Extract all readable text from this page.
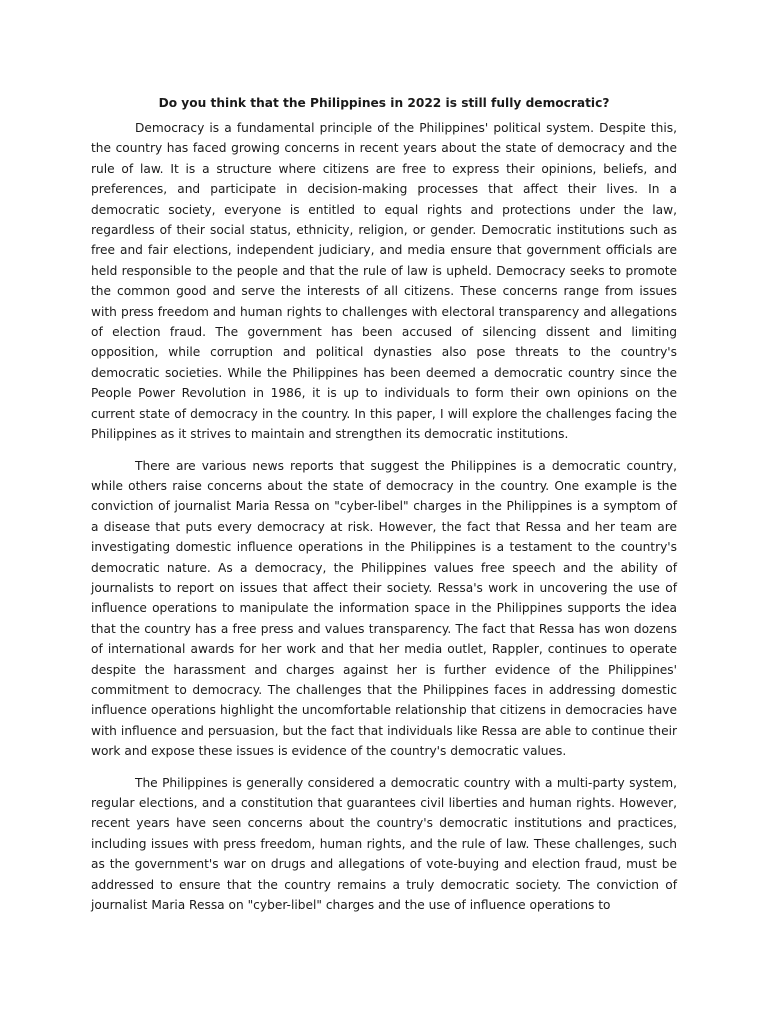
Do you think that the Philippines in 2022 is still fully democratic?

Democracy is a fundamental principle of the Philippines' political system. Despite this, the country has faced growing concerns in recent years about the state of democracy and the rule of law. It is a structure where citizens are free to express their opinions, beliefs, and preferences, and participate in decision-making processes that affect their lives. In a democratic society, everyone is entitled to equal rights and protections under the law, regardless of their social status, ethnicity, religion, or gender. Democratic institutions such as free and fair elections, independent judiciary, and media ensure that government officials are held responsible to the people and that the rule of law is upheld. Democracy seeks to promote the common good and serve the interests of all citizens. These concerns range from issues with press freedom and human rights to challenges with electoral transparency and allegations of election fraud. The government has been accused of silencing dissent and limiting opposition, while corruption and political dynasties also pose threats to the country's democratic societies. While the Philippines has been deemed a democratic country since the People Power Revolution in 1986, it is up to individuals to form their own opinions on the current state of democracy in the country. In this paper, I will explore the challenges facing the Philippines as it strives to maintain and strengthen its democratic institutions.

There are various news reports that suggest the Philippines is a democratic country, while others raise concerns about the state of democracy in the country. One example is the conviction of journalist Maria Ressa on "cyber-libel" charges in the Philippines is a symptom of a disease that puts every democracy at risk. However, the fact that Ressa and her team are investigating domestic influence operations in the Philippines is a testament to the country's democratic nature. As a democracy, the Philippines values free speech and the ability of journalists to report on issues that affect their society. Ressa's work in uncovering the use of influence operations to manipulate the information space in the Philippines supports the idea that the country has a free press and values transparency. The fact that Ressa has won dozens of international awards for her work and that her media outlet, Rappler, continues to operate despite the harassment and charges against her is further evidence of the Philippines' commitment to democracy. The challenges that the Philippines faces in addressing domestic influence operations highlight the uncomfortable relationship that citizens in democracies have with influence and persuasion, but the fact that individuals like Ressa are able to continue their work and expose these issues is evidence of the country's democratic values.

The Philippines is generally considered a democratic country with a multi-party system, regular elections, and a constitution that guarantees civil liberties and human rights. However, recent years have seen concerns about the country's democratic institutions and practices, including issues with press freedom, human rights, and the rule of law. These challenges, such as the government's war on drugs and allegations of vote-buying and election fraud, must be addressed to ensure that the country remains a truly democratic society. The conviction of journalist Maria Ressa on "cyber-libel" charges and the use of influence operations to
